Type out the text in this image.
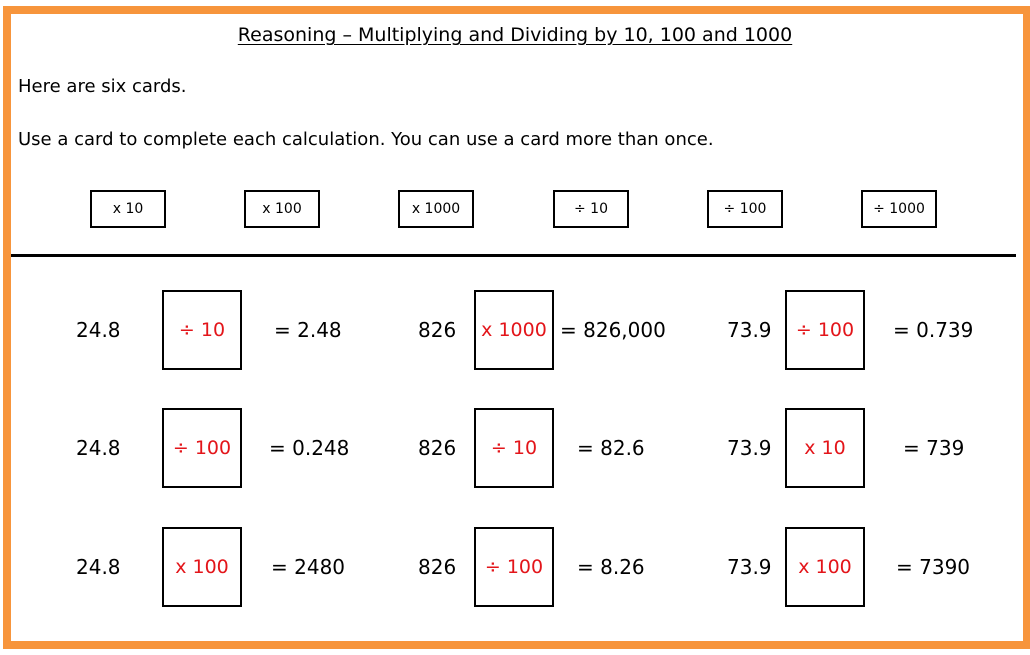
Reasoning – Multiplying and Dividing by 10, 100 and 1000
Here are six cards.
Use a card to complete each calculation. You can use a card more than once.
x 10	x 100	x 1000	÷ 10	÷ 100	÷ 1000
24.8	÷ 10	= 2.48	826	x 1000 = 826,000	73.9	÷ 100	= 0.739
24.8	÷ 100	= 0.248	826	÷ 10	= 82.6	73.9	x 10	= 739
24.8	x 100	= 2480	826	÷ 100	= 8.26	73.9	x 100	= 7390
